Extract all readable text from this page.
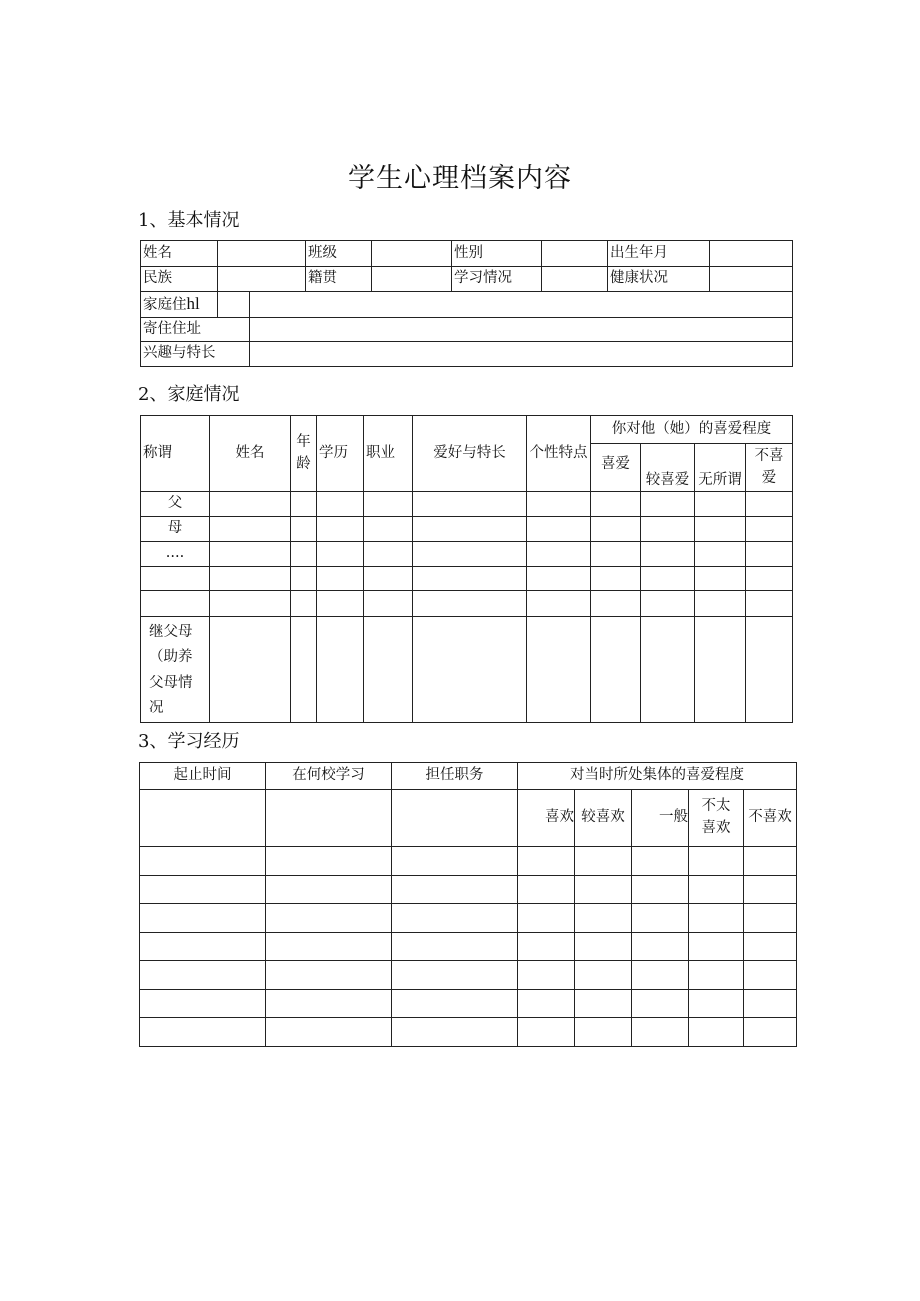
学生心理档案内容
1、基本情况
姓名			班级		性别		出生年月	
民族			籍贯		学习情况		健康状况	
家庭住hl								
寄住住址								
兴趣与特长								
2、家庭情况
称谓	姓名	年龄	学历	职业	爱好与特长	个性特点	你对他（她）的喜爱程度			
							喜爱	较喜爱	无所谓	不喜爱
父										
母										
....										

继父母（助养父母情况										
3、学习经历
起止时间	在何校学习	担任职务	对当时所处集体的喜爱程度				
			喜欢	较喜欢	一般	不太喜欢	不喜欢
